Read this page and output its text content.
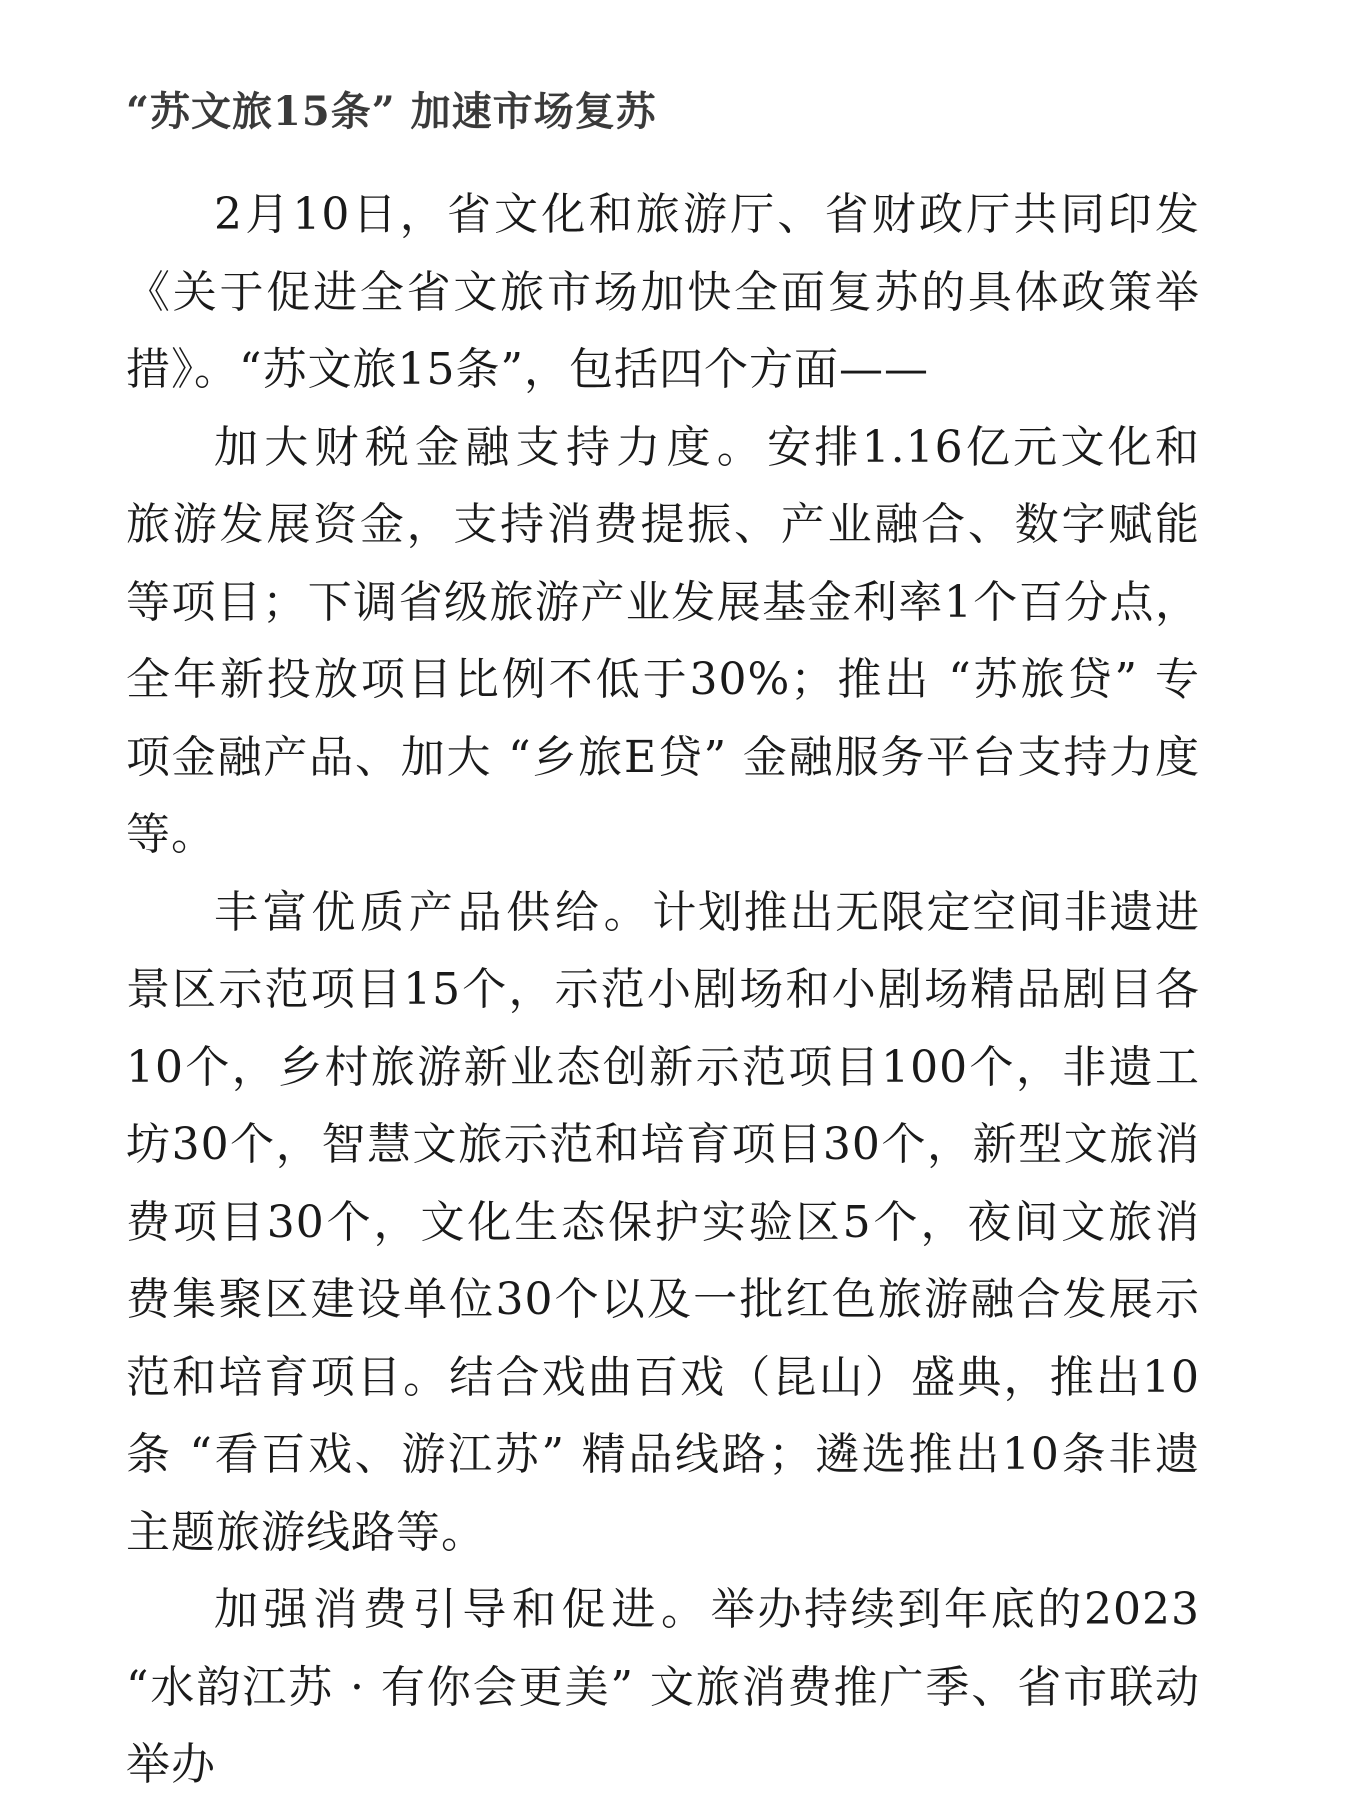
“苏文旅15条” 加速市场复苏

2月10日，省文化和旅游厅、省财政厅共同印发《关于促进全省文旅市场加快全面复苏的具体政策举措》。“苏文旅15条”，包括四个方面——

加大财税金融支持力度。安排1.16亿元文化和旅游发展资金，支持消费提振、产业融合、数字赋能等项目；下调省级旅游产业发展基金利率1个百分点，全年新投放项目比例不低于30%；推出 “苏旅贷” 专项金融产品、加大 “乡旅E贷” 金融服务平台支持力度等。

丰富优质产品供给。计划推出无限定空间非遗进景区示范项目15个，示范小剧场和小剧场精品剧目各10个，乡村旅游新业态创新示范项目100个，非遗工坊30个，智慧文旅示范和培育项目30个，新型文旅消费项目30个，文化生态保护实验区5个，夜间文旅消费集聚区建设单位30个以及一批红色旅游融合发展示范和培育项目。结合戏曲百戏（昆山）盛典，推出10条 “看百戏、游江苏” 精品线路；遴选推出10条非遗主题旅游线路等。

加强消费引导和促进。举办持续到年底的2023 “水韵江苏 · 有你会更美” 文旅消费推广季、省市联动举办
